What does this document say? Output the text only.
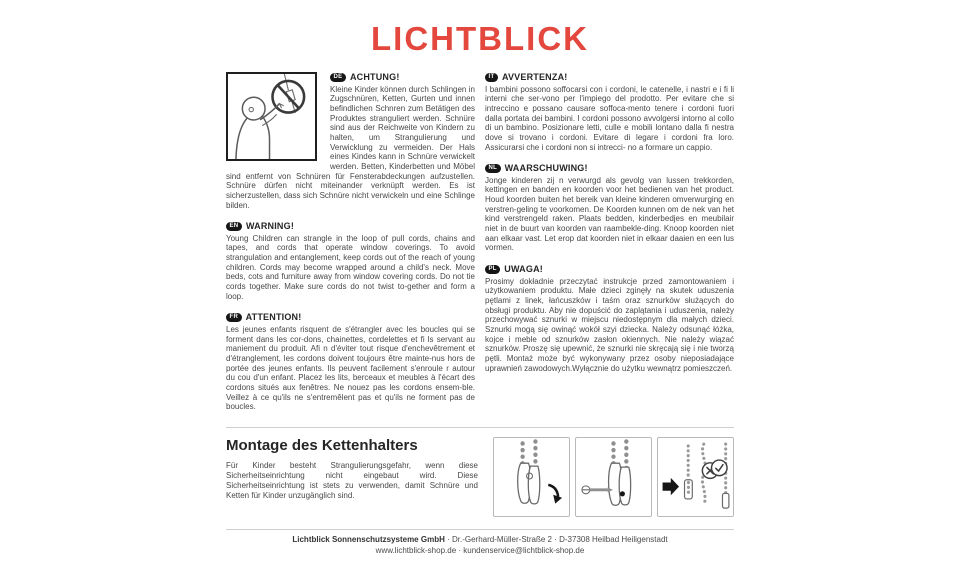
LICHTBLICK
DE ACHTUNG!

Kleine Kinder können durch Schlingen in Zugschnüren, Ketten, Gurten und innen befindlichen Schnren zum Betätigen des Produktes stranguliert werden. Schnüre sind aus der Reichweite von Kindern zu halten, um Strangulierung und Verwicklung zu vermeiden. Der Hals eines Kindes kann in Schnüre verwickelt werden. Betten, Kinderbetten und Möbel sind entfernt von Schnüren für Fensterabdeckungen aufzustellen. Schnüre dürfen nicht miteinander verknüpft werden. Es ist sicherzustellen, dass sich Schnüre nicht verwickeln und eine Schlinge bilden.

EN WARNING!

Young Children can strangle in the loop of pull cords, chains and tapes, and cords that operate window coverings. To avoid strangulation and entanglement, keep cords out of the reach of young children. Cords may become wrapped around a child's neck. Move beds, cots and furniture away from window covering cords. Do not tie cords together. Make sure cords do not twist to-gether and form a loop.

FR ATTENTION!

Les jeunes enfants risquent de s'étrangler avec les boucles qui se forment dans les cor-dons, chainettes, cordelettes et fi ls servant au maniement du produit. Afi n d'éviter tout risque d'enchevêtrement et d'étranglement, les cordons doivent toujours être mainte-nus hors de portée des jeunes enfants. Ils peuvent facilement s'enroule r autour du cou d'un enfant. Placez les lits, berceaux et meubles à l'écart des cordons situés aux fenêtres. Ne nouez pas les cordons ensem-ble. Veillez à ce qu'ils ne s'entremêlent pas et qu'ils ne forment pas de boucles.

IT AVVERTENZA!

I bambini possono soffocarsi con i cordoni, le catenelle, i nastri e i fi li interni che ser-vono per l'impiego del prodotto. Per evitare che si intreccino e possano causare soffoca-mento tenere i cordoni fuori dalla portata dei bambini. I cordoni possono avvolgersi intorno al collo di un bambino. Posizionare letti, culle e mobili lontano dalla fi nestra dove si trovano i cordoni. Evitare di legare i cordoni fra loro. Assicurarsi che i cordoni non si intrecci- no a formare un cappio.

NL WAARSCHUWING!

Jonge kinderen zij n verwurgd als gevolg van lussen trekkorden, kettingen en banden en koorden voor het bedienen van het product. Houd koorden buiten het bereik van kleine kinderen omverwurging en verstren-geling te voorkomen. De Koorden kunnen om de nek van het kind verstrengeld raken. Plaats bedden, kinderbedjes en meubilair niet in de buurt van koorden van raambekle-ding. Knoop koorden niet aan elkaar vast. Let erop dat koorden niet in elkaar daaien en een lus vormen.

PL UWAGA!

Prosimy dokładnie przeczytać instrukcje przed zamontowaniem i użytkowaniem produktu. Małe dzieci zginęły na skutek uduszenia pętlami z linek, łańcuszków i taśm oraz sznurków służących do obsługi produktu. Aby nie dopuścić do zaplątania i uduszenia, należy przechowywać sznurki w miejscu niedostępnym dla małych dzieci. Sznurki mogą się owinąć wokół szyi dziecka. Należy odsunąć łóżka, kojce i meble od sznurków zasłon okiennych. Nie należy wiązać sznurków. Proszę się upewnić, że sznurki nie skręcają się i nie tworzą pętli. Montaż może być wykonywany przez osoby nieposiadające uprawnień zawodowych.Wyłącznie do użytku wewnątrz pomieszczeń.

Montage des Kettenhalters

Für Kinder besteht Strangulierungsgefahr, wenn diese Sicherheitseinrichtung nicht eingebaut wird. Diese Sicherheitseinrichtung ist stets zu verwenden, damit Schnüre und Ketten für Kinder unzugänglich sind.

Lichtblick Sonnenschutzsysteme GmbH · Dr.-Gerhard-Müller-Straße 2 · D-37308 Heilbad Heiligenstadt
www.lichtblick-shop.de · kundenservice@lichtblick-shop.de
